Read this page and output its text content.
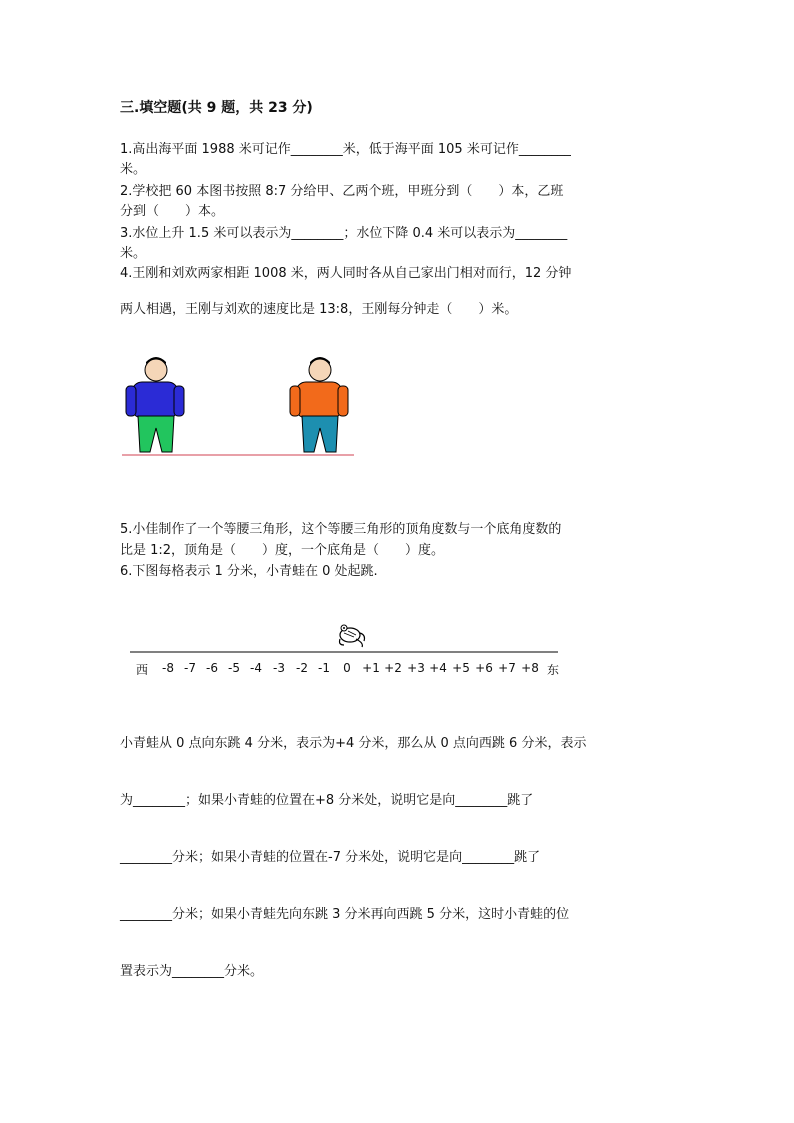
三.填空题(共 9 题，共 23 分)
1.高出海平面 1988 米可记作________米，低于海平面 105 米可记作________
米。
2.学校把 60 本图书按照 8:7 分给甲、乙两个班，甲班分到（　　）本，乙班
分到（　　）本。
3.水位上升 1.5 米可以表示为________；水位下降 0.4 米可以表示为________
米。
4.王刚和刘欢两家相距 1008 米，两人同时各从自己家出门相对而行，12 分钟
两人相遇，王刚与刘欢的速度比是 13:8，王刚每分钟走（　　）米。
5.小佳制作了一个等腰三角形，这个等腰三角形的顶角度数与一个底角度数的
比是 1:2，顶角是（　　）度，一个底角是（　　）度。
6.下图每格表示 1 分米，小青蛙在 0 处起跳.
西 -8 -7 -6 -5 -4 -3 -2 -1 0 +1 +2 +3 +4 +5 +6 +7 +8 东
小青蛙从 0 点向东跳 4 分米，表示为+4 分米，那么从 0 点向西跳 6 分米，表示
为________；如果小青蛙的位置在+8 分米处，说明它是向________跳了
________分米；如果小青蛙的位置在-7 分米处，说明它是向________跳了
________分米；如果小青蛙先向东跳 3 分米再向西跳 5 分米，这时小青蛙的位
置表示为________分米。
